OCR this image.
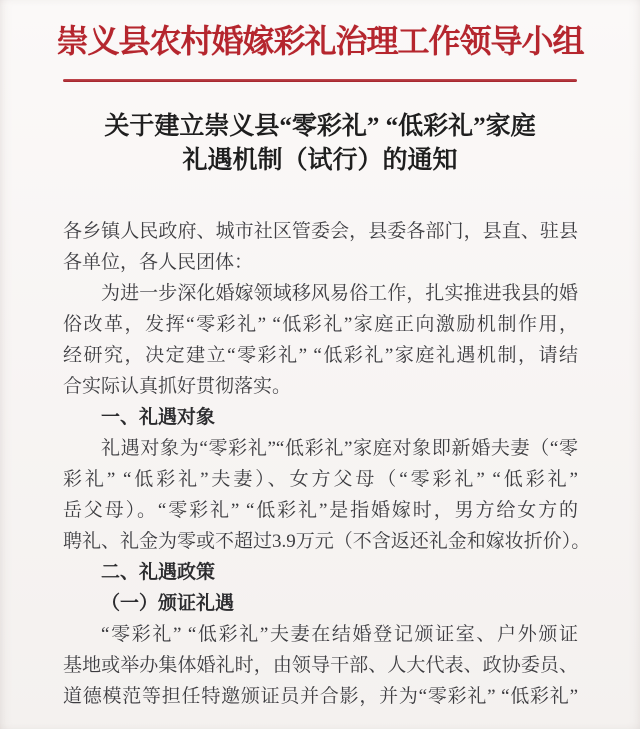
崇义县农村婚嫁彩礼治理工作领导小组
关于建立崇义县“零彩礼” “低彩礼”家庭
礼遇机制（试行）的通知

各乡镇人民政府、城市社区管委会，县委各部门，县直、驻县

各单位，各人民团体：

为进一步深化婚嫁领域移风易俗工作，扎实推进我县的婚

俗改革，发挥“零彩礼” “低彩礼”家庭正向激励机制作用，

经研究，决定建立“零彩礼” “低彩礼”家庭礼遇机制，请结

合实际认真抓好贯彻落实。

一、礼遇对象

礼遇对象为“零彩礼”“低彩礼”家庭对象即新婚夫妻（“零

彩礼” “低彩礼”夫妻）、女方父母（“零彩礼” “低彩礼”

岳父母）。“零彩礼” “低彩礼”是指婚嫁时，男方给女方的

聘礼、礼金为零或不超过3.9万元（不含返还礼金和嫁妆折价）。

二、礼遇政策

（一）颁证礼遇

“零彩礼” “低彩礼”夫妻在结婚登记颁证室、户外颁证

基地或举办集体婚礼时，由领导干部、人大代表、政协委员、

道德模范等担任特邀颁证员并合影，并为“零彩礼” “低彩礼”
